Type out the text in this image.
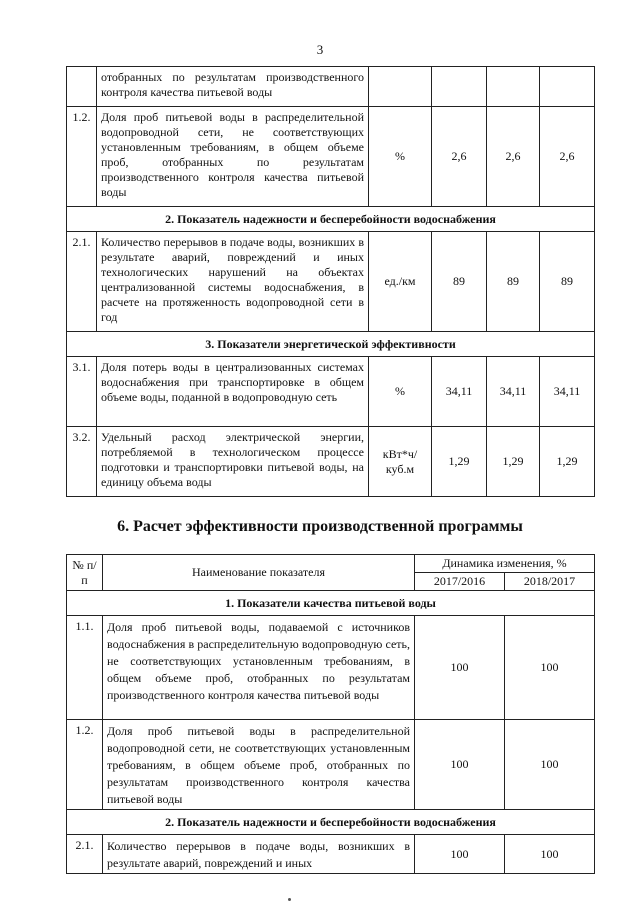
3
	отобранных по результатам производственного контроля качества питьевой воды				
1.2.	Доля проб питьевой воды в распределительной водопроводной сети, не соответствующих установленным требованиям, в общем объеме проб, отобранных по результатам производственного контроля качества питьевой воды	%	2,6	2,6	2,6
2. Показатель надежности и бесперебойности водоснабжения					
2.1.	Количество перерывов в подаче воды, возникших в результате аварий, повреждений и иных технологических нарушений на объектах централизованной системы водоснабжения, в расчете на протяженность водопроводной сети в год	ед./км	89	89	89
3. Показатели энергетической эффективности					
3.1.	Доля потерь воды в централизованных системах водоснабжения при транспортировке в общем объеме воды, поданной в водопроводную сеть	%	34,11	34,11	34,11
3.2.	Удельный расход электрической энергии, потребляемой в технологическом процессе подготовки и транспортировки питьевой воды, на единицу объема воды	кВт*ч/ куб.м	1,29	1,29	1,29
6. Расчет эффективности производственной программы
№ п/п	Наименование показателя	Динамика изменения, %	
		2017/2016	2018/2017
1. Показатели качества питьевой воды			
1.1.	Доля проб питьевой воды, подаваемой с источников водоснабжения в распределительную водопроводную сеть, не соответствующих установленным требованиям, в общем объеме проб, отобранных по результатам производственного контроля качества питьевой воды	100	100
1.2.	Доля проб питьевой воды в распределительной водопроводной сети, не соответствующих установленным требованиям, в общем объеме проб, отобранных по результатам производственного контроля качества питьевой воды	100	100
2. Показатель надежности и бесперебойности водоснабжения			
2.1.	Количество перерывов в подаче воды, возникших в результате аварий, повреждений и иных	100	100
